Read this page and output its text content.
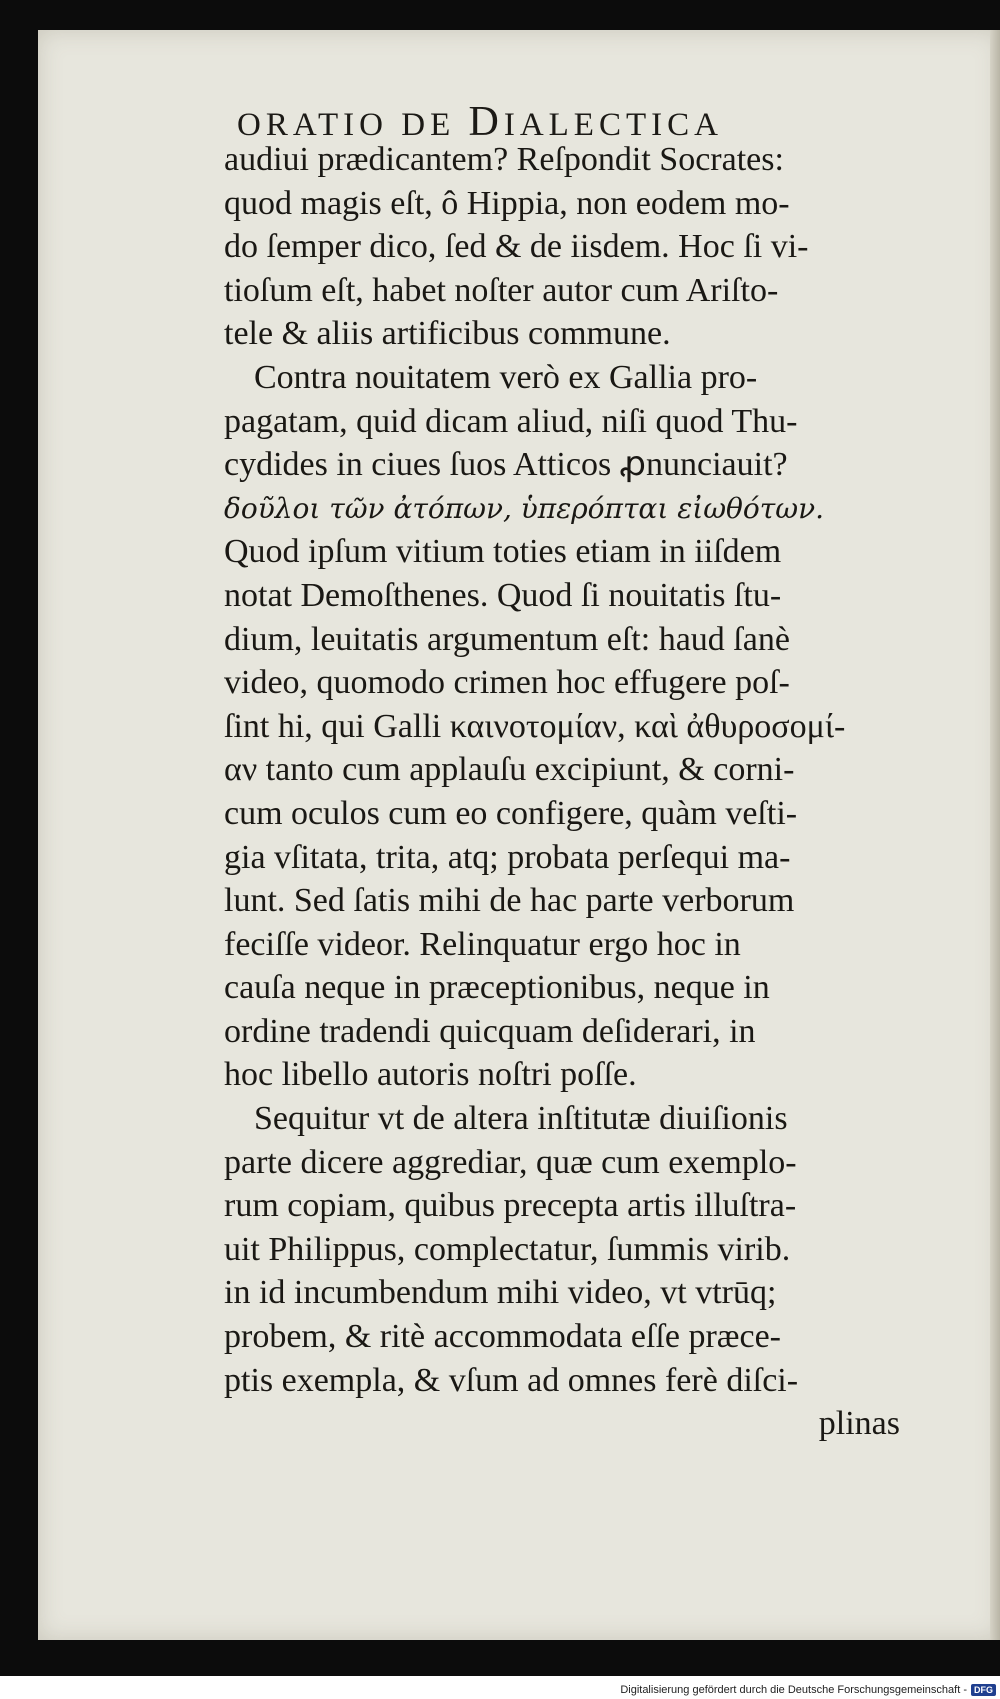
ORATIO DE DIALECTICA
audiui prædicantem? Reſpondit Socrates:
quod magis eſt, ô Hippia, non eodem mo-
do ſemper dico, ſed & de iisdem. Hoc ſi vi-
tioſum eſt, habet noſter autor cum Ariſto-
tele & aliis artificibus commune.
Contra nouitatem verò ex Gallia pro-
pagatam, quid dicam aliud, niſi quod Thu-
cydides in ciues ſuos Atticos ꝓnunciauit?
δοῦλοι τῶν ἀτόπων, ὑπερόπται εἰωθότων.
Quod ipſum vitium toties etiam in iiſdem
notat Demoſthenes. Quod ſi nouitatis ſtu-
dium, leuitatis argumentum eſt: haud ſanè
video, quomodo crimen hoc effugere poſ-
ſint hi, qui Galli καινοτομίαν, καὶ ἀθυροσομί-
αν tanto cum applauſu excipiunt, & corni-
cum oculos cum eo configere, quàm veſti-
gia vſitata, trita, atq; probata perſequi ma-
lunt. Sed ſatis mihi de hac parte verborum
feciſſe videor. Relinquatur ergo hoc in
cauſa neque in præceptionibus, neque in
ordine tradendi quicquam deſiderari, in
hoc libello autoris noſtri poſſe.
Sequitur vt de altera inſtitutæ diuiſionis
parte dicere aggrediar, quæ cum exemplo-
rum copiam, quibus precepta artis illuſtra-
uit Philippus, complectatur, ſummis virib.
in id incumbendum mihi video, vt vtrūq;
probem, & ritè accommodata eſſe præce-
ptis exempla, & vſum ad omnes ferè diſci-
plinas
Digitalisierung gefördert durch die Deutsche Forschungsgemeinschaft - DFG
